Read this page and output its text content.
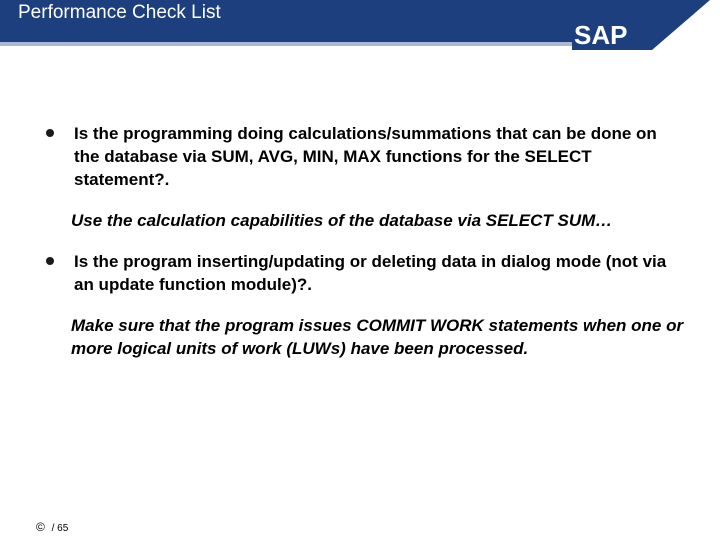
Performance Check List
SAP
Is the programming doing calculations/summations that can be done on the database via SUM, AVG, MIN, MAX functions for the SELECT statement?.
Use the calculation capabilities of the database via SELECT SUM…
Is the program inserting/updating or deleting data in dialog mode (not via an update function module)?.
Make sure that the program issues COMMIT WORK statements when one or more logical units of work (LUWs) have been processed.
© / 65
